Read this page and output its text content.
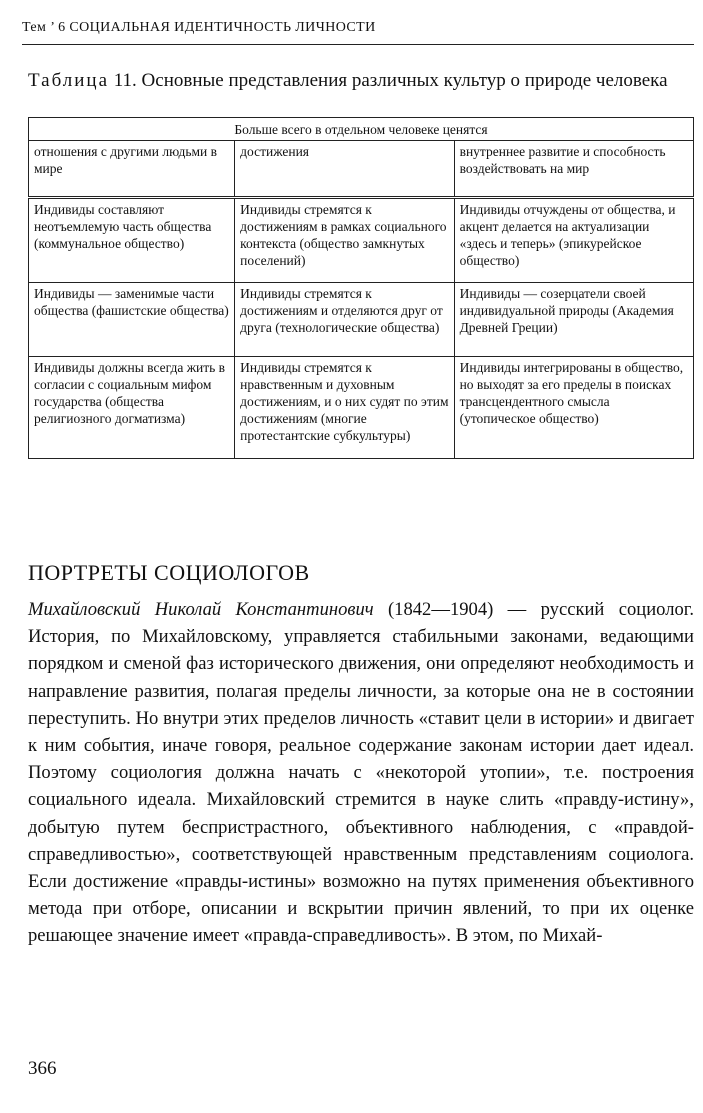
Тем ’ 6 СОЦИАЛЬНАЯ ИДЕНТИЧНОСТЬ ЛИЧНОСТИ
Таблица 11. Основные представления различных культур о природе человека
Больше всего в отдельном человеке ценятся		
отношения с другими людьми в мире	достижения	внутреннее развитие и способность воздействовать на мир
Индивиды составляют неотъемлемую часть общества (коммунальное общество)	Индивиды стремятся к достижениям в рамках социального контекста (общество замкнутых поселений)	Индивиды отчуждены от общества, и акцент делается на актуализации «здесь и теперь» (эпикурейское общество)
Индивиды — заменимые части общества (фашистские общества)	Индивиды стремятся к достижениям и отделяются друг от друга (технологические общества)	Индивиды — созерцатели своей индивидуальной природы (Академия Древней Греции)
Индивиды должны всегда жить в согласии с социальным мифом государства (общества религиозного догматизма)	Индивиды стремятся к нравственным и духовным достижениям, и о них судят по этим достижениям (многие протестантские субкультуры)	Индивиды интегрированы в общество, но выходят за его пределы в поисках трансцендентного смысла (утопическое общество)
ПОРТРЕТЫ СОЦИОЛОГОВ
Михайловский Николай Константинович (1842—1904) — русский социолог. История, по Михайловскому, управляется стабильными законами, ведающими порядком и сменой фаз исторического движения, они определяют необходимость и направление развития, полагая пределы личности, за которые она не в состоянии переступить. Но внутри этих пределов личность «ставит цели в истории» и двигает к ним события, иначе говоря, реальное содержание законам истории дает идеал. Поэтому социология должна начать с «некоторой утопии», т.е. построения социального идеала. Михайловский стремится в науке слить «правду-истину», добытую путем беспристрастного, объективного наблюдения, с «правдой-справедливостью», соответствующей нравственным представлениям социолога. Если достижение «правды-истины» возможно на путях применения объективного метода при отборе, описании и вскрытии причин явлений, то при их оценке решающее значение имеет «правда-справедливость». В этом, по Михай-
366
